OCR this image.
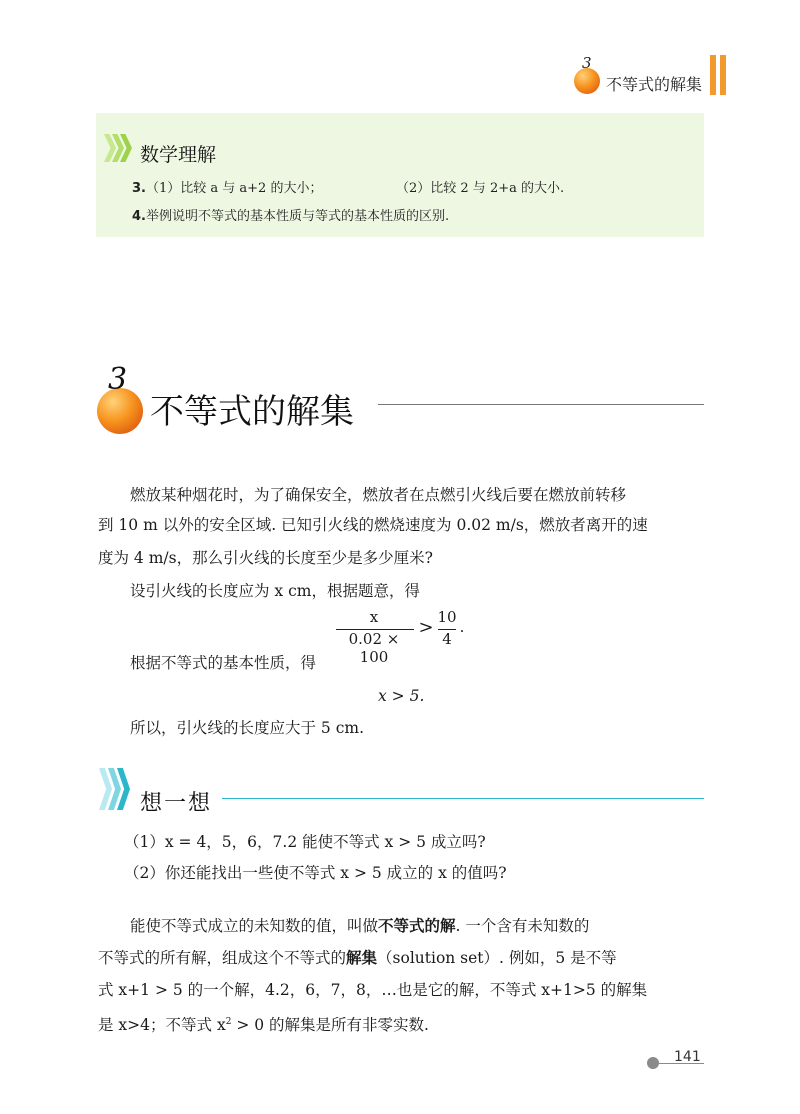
3
不等式的解集
数学理解
3.（1）比较 a 与 a+2 的大小；	（2）比较 2 与 2+a 的大小.
4.举例说明不等式的基本性质与等式的基本性质的区别.
3
不等式的解集
燃放某种烟花时，为了确保安全，燃放者在点燃引火线后要在燃放前转移
到 10 m 以外的安全区域. 已知引火线的燃烧速度为 0.02 m/s，燃放者离开的速
度为 4 m/s，那么引火线的长度至少是多少厘米?
设引火线的长度应为 x cm，根据题意，得
x
0.02 × 100
> 10
4
.
根据不等式的基本性质，得
x > 5.
所以，引火线的长度应大于 5 cm.
想一想
（1）x = 4，5，6，7.2 能使不等式 x > 5 成立吗?
（2）你还能找出一些使不等式 x > 5 成立的 x 的值吗?
能使不等式成立的未知数的值，叫做不等式的解. 一个含有未知数的
不等式的所有解，组成这个不等式的解集（solution set）. 例如，5 是不等
式 x+1 > 5 的一个解，4.2，6，7，8，…也是它的解，不等式 x+1>5 的解集
是 x>4；不等式 $x^2 > 0$ 的解集是所有非零实数.
141
